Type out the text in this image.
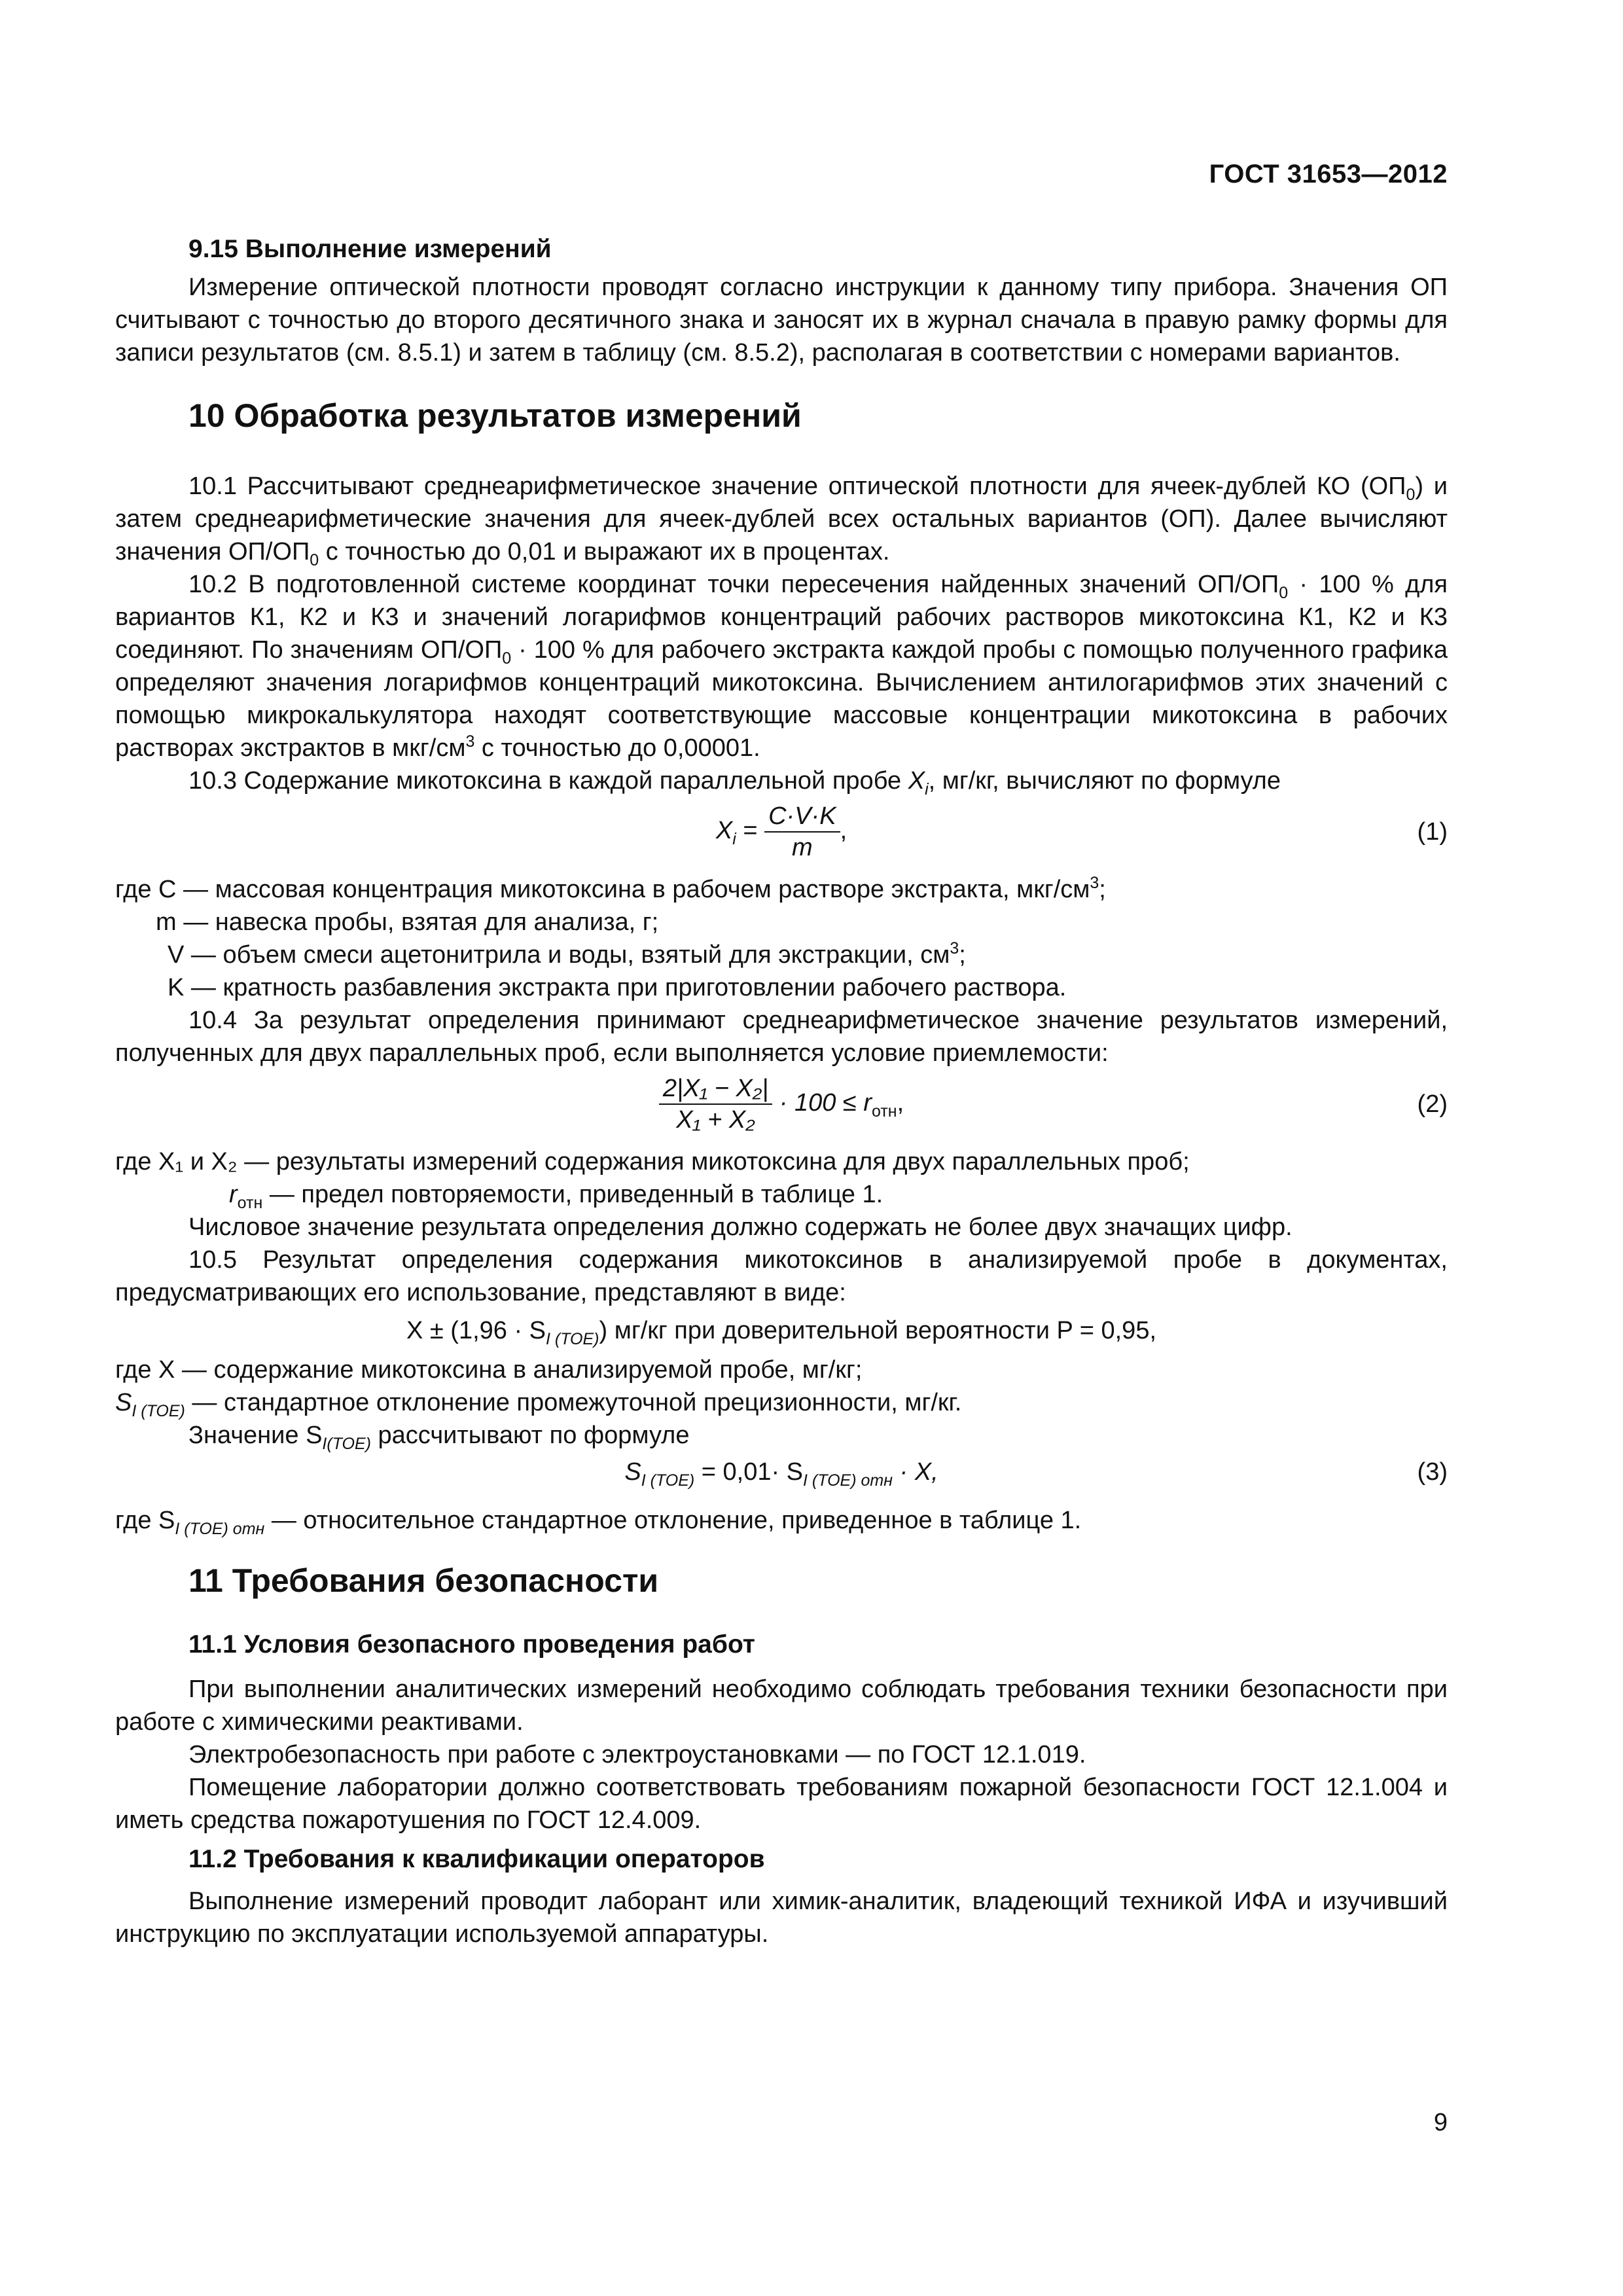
ГОСТ 31653—2012

9.15 Выполнение измерений

Измерение оптической плотности проводят согласно инструкции к данному типу прибора. Значения ОП считывают с точностью до второго десятичного знака и заносят их в журнал сначала в правую рамку формы для записи результатов (см. 8.5.1) и затем в таблицу (см. 8.5.2), располагая в соответствии с номерами вариантов.

10 Обработка результатов измерений

10.1 Рассчитывают среднеарифметическое значение оптической плотности для ячеек-дублей КО $(ОП_0)$ и затем среднеарифметические значения для ячеек-дублей всех остальных вариантов (ОП). Далее вычисляют значения $ОП/ОП_0$ с точностью до 0,01 и выражают их в процентах.

10.2 В подготовленной системе координат точки пересечения найденных значений $ОП/ОП_0 \cdot 100$ % для вариантов К1, К2 и К3 и значений логарифмов концентраций рабочих растворов микотоксина К1, К2 и К3 соединяют. По значениям $ОП/ОП_0 \cdot 100$ % для рабочего экстракта каждой пробы с помощью полученного графика определяют значения логарифмов концентраций микотоксина. Вычислением антилогарифмов этих значений с помощью микрокалькулятора находят соответствующие массовые концентрации микотоксина в рабочих растворах экстрактов в мкг/$см^3$ с точностью до 0,00001.

10.3 Содержание микотоксина в каждой параллельной пробе $X_i$, мг/кг, вычисляют по формуле

$X_i = \frac{C\cdot V\cdot K}{m}$ ,	(1)

где C — массовая концентрация микотоксина в рабочем растворе экстракта, мкг/$см^3$;

m — навеска пробы, взятая для анализа, г;

V — объем смеси ацетонитрила и воды, взятый для экстракции, $см^3$;

K — кратность разбавления экстракта при приготовлении рабочего раствора.

10.4 За результат определения принимают среднеарифметическое значение результатов измерений, полученных для двух параллельных проб, если выполняется условие приемлемости:

$\frac{\text{2|X₁ − X₂|}}{\text{X₁ + X₂}} \cdot 100 \le r_{отн}$,	(2)

где X₁ и X₂ — результаты измерений содержания микотоксина для двух параллельных проб;

$r_{отн}$ — предел повторяемости, приведенный в таблице 1.

Числовое значение результата определения должно содержать не более двух значащих цифр.

10.5 Результат определения содержания микотоксинов в анализируемой пробе в документах, предусматривающих его использование, представляют в виде:

$X \pm (1,96 \cdot S_{I (TOE)})$ мг/кг при доверительной вероятности P = 0,95,

где X — содержание микотоксина в анализируемой пробе, мг/кг;

$S_{I (TOE)}$ — стандартное отклонение промежуточной прецизионности, мг/кг.

Значение $S_{I(TOE)}$ рассчитывают по формуле

$S_{I (TOE)} = 0,01\cdot S_{I (TOE) отн} \cdot X$,	(3)

где $S_{I (TOE) отн}$ — относительное стандартное отклонение, приведенное в таблице 1.

11 Требования безопасности

11.1 Условия безопасного проведения работ

При выполнении аналитических измерений необходимо соблюдать требования техники безопасности при работе с химическими реактивами.

Электробезопасность при работе с электроустановками — по ГОСТ 12.1.019.

Помещение лаборатории должно соответствовать требованиям пожарной безопасности ГОСТ 12.1.004 и иметь средства пожаротушения по ГОСТ 12.4.009.

11.2 Требования к квалификации операторов

Выполнение измерений проводит лаборант или химик-аналитик, владеющий техникой ИФА и изучивший инструкцию по эксплуатации используемой аппаратуры.

9
